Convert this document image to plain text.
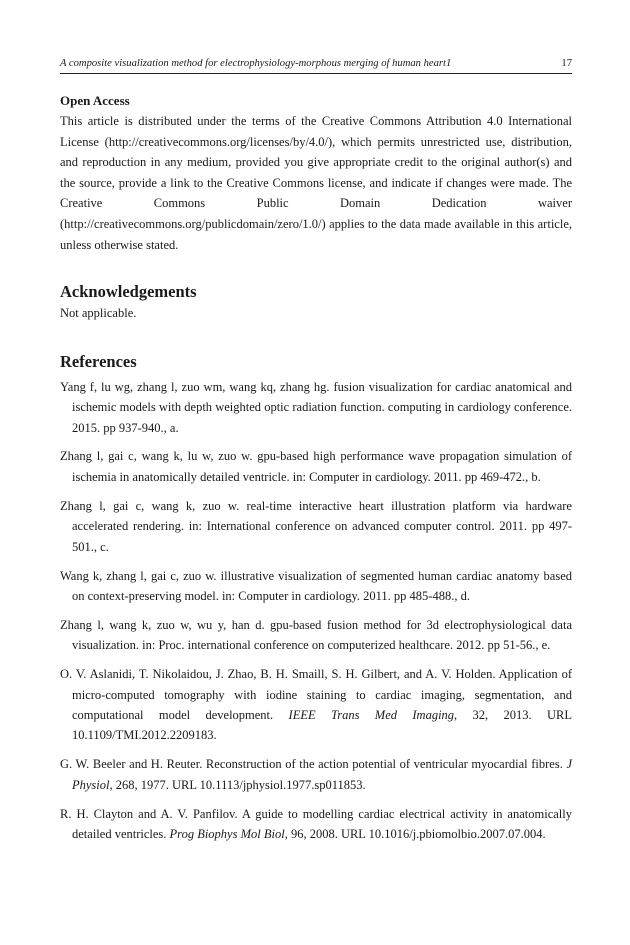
A composite visualization method for electrophysiology-morphous merging of human heart1	17
Open Access

This article is distributed under the terms of the Creative Commons Attribution 4.0 International License (http://creativecommons.org/licenses/by/4.0/), which permits unrestricted use, distribution, and reproduction in any medium, provided you give appropriate credit to the original author(s) and the source, provide a link to the Creative Commons license, and indicate if changes were made. The Creative Commons Public Domain Dedication waiver (http://creativecommons.org/publicdomain/zero/1.0/) applies to the data made available in this article, unless otherwise stated.

Acknowledgements

Not applicable.

References
Yang f, lu wg, zhang l, zuo wm, wang kq, zhang hg. fusion visualization for cardiac anatomical and ischemic models with depth weighted optic radiation function. computing in cardiology conference. 2015. pp 937-940., a.
Zhang l, gai c, wang k, lu w, zuo w. gpu-based high performance wave propagation simulation of ischemia in anatomically detailed ventricle. in: Computer in cardiology. 2011. pp 469-472., b.
Zhang l, gai c, wang k, zuo w. real-time interactive heart illustration platform via hardware accelerated rendering. in: International conference on advanced computer control. 2011. pp 497-501., c.
Wang k, zhang l, gai c, zuo w. illustrative visualization of segmented human cardiac anatomy based on context-preserving model. in: Computer in cardiology. 2011. pp 485-488., d.
Zhang l, wang k, zuo w, wu y, han d. gpu-based fusion method for 3d electrophysiological data visualization. in: Proc. international conference on computerized healthcare. 2012. pp 51-56., e.
O. V. Aslanidi, T. Nikolaidou, J. Zhao, B. H. Smaill, S. H. Gilbert, and A. V. Holden. Application of micro-computed tomography with iodine staining to cardiac imaging, segmentation, and computational model development. IEEE Trans Med Imaging, 32, 2013. URL 10.1109/TMI.2012.2209183.
G. W. Beeler and H. Reuter. Reconstruction of the action potential of ventricular myocardial fibres. J Physiol, 268, 1977. URL 10.1113/jphysiol.1977.sp011853.
R. H. Clayton and A. V. Panfilov. A guide to modelling cardiac electrical activity in anatomically detailed ventricles. Prog Biophys Mol Biol, 96, 2008. URL 10.1016/j.pbiomolbio.2007.07.004.
